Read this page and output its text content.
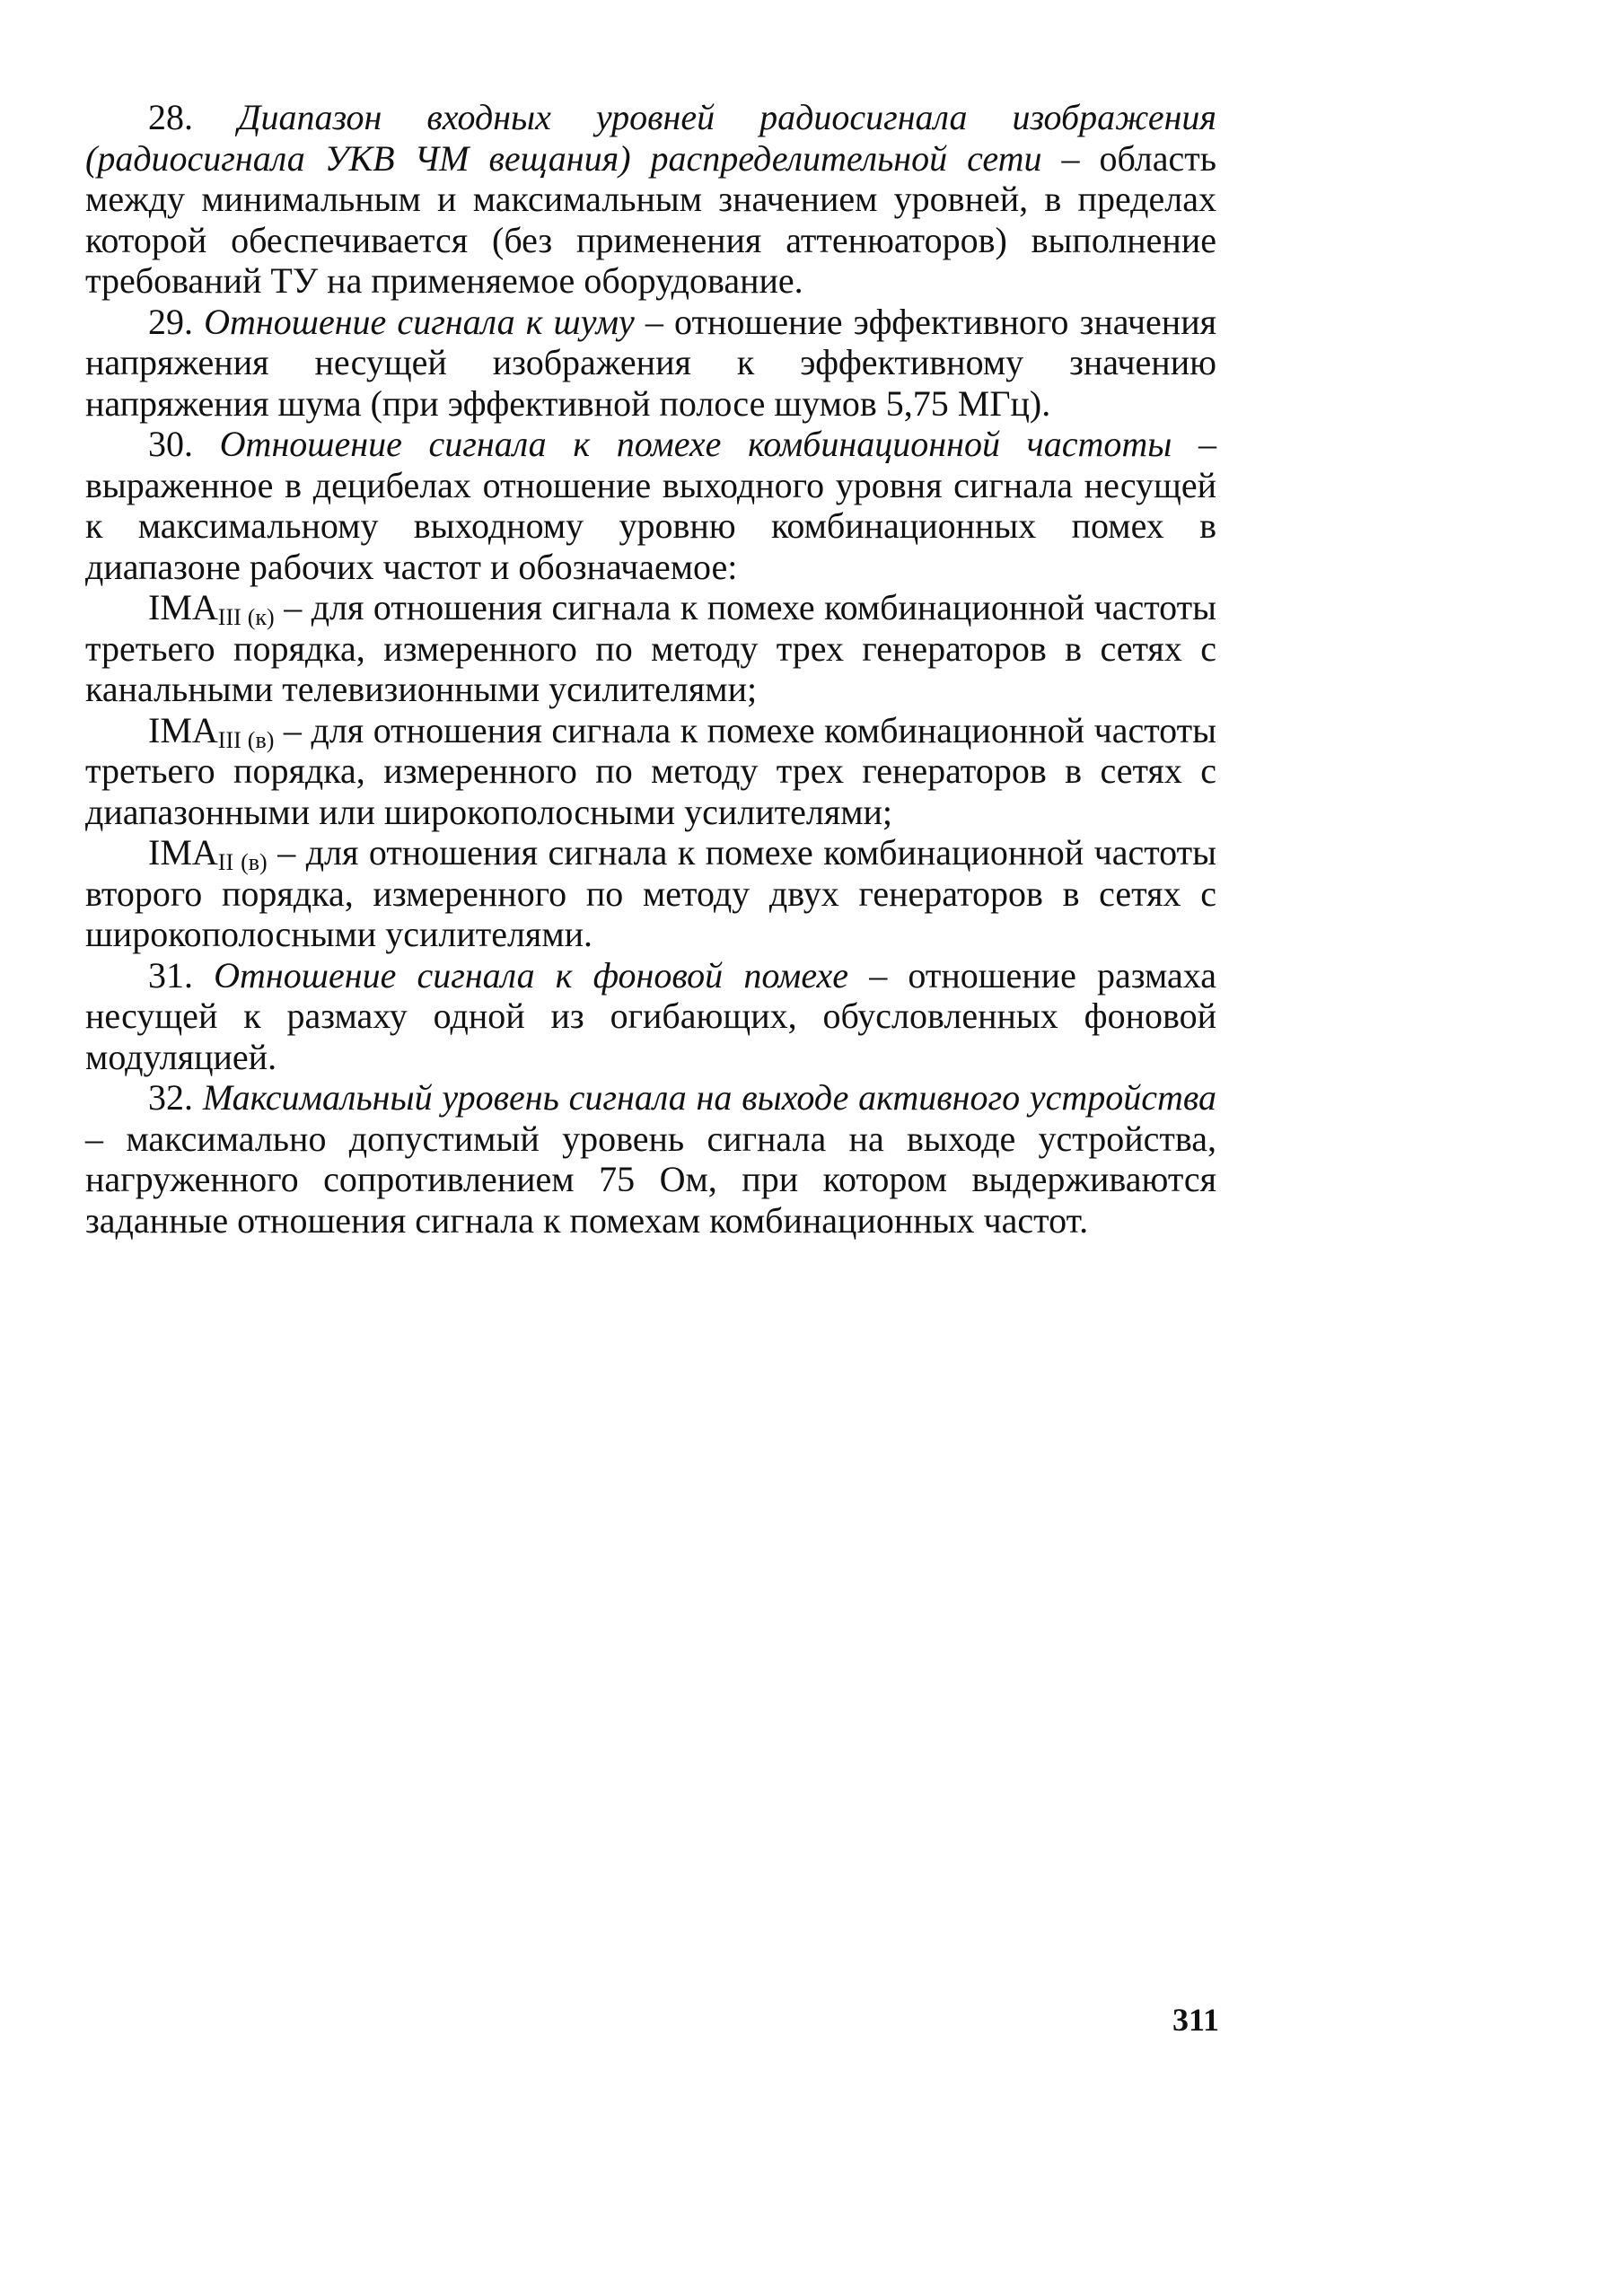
28. Диапазон входных уровней радиосигнала изображения (радиосигнала УКВ ЧМ вещания) распределительной сети – область между минимальным и максимальным значением уровней, в пределах которой обеспечивается (без применения аттенюаторов) выполнение требований ТУ на применяемое оборудование.

29. Отношение сигнала к шуму – отношение эффективного значения напряжения несущей изображения к эффективному значению напряжения шума (при эффективной полосе шумов 5,75 МГц).

30. Отношение сигнала к помехе комбинационной частоты – выраженное в децибелах отношение выходного уровня сигнала несущей к максимальному выходному уровню комбинационных помех в диапазоне рабочих частот и обозначаемое:

$IMA_{III (к)}$ – для отношения сигнала к помехе комбинационной частоты третьего порядка, измеренного по методу трех генераторов в сетях с канальными телевизионными усилителями;

$IMA_{III (в)}$ – для отношения сигнала к помехе комбинационной частоты третьего порядка, измеренного по методу трех генераторов в сетях с диапазонными или широкополосными усилителями;

$IMA_{II (в)}$ – для отношения сигнала к помехе комбинационной частоты второго порядка, измеренного по методу двух генераторов в сетях с широкополосными усилителями.

31. Отношение сигнала к фоновой помехе – отношение размаха несущей к размаху одной из огибающих, обусловленных фоновой модуляцией.

32. Максимальный уровень сигнала на выходе активного устройства – максимально допустимый уровень сигнала на выходе устройства, нагруженного сопротивлением 75 Ом, при котором выдерживаются заданные отношения сигнала к помехам комбинационных частот.

311
